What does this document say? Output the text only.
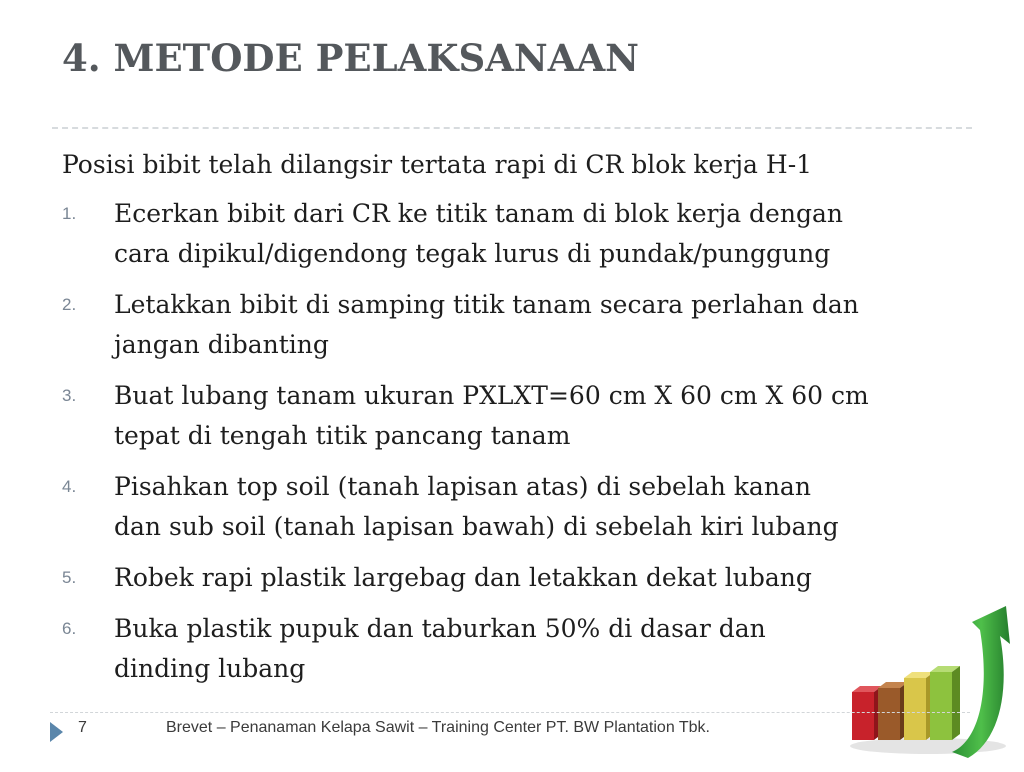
4. METODE PELAKSANAAN

Posisi bibit telah dilangsir tertata rapi di CR blok kerja H-1

1.	Ecerkan bibit dari CR ke titik tanam di blok kerja dengan
cara dipikul/digendong tegak lurus di pundak/punggung
2.	Letakkan bibit di samping titik tanam secara perlahan dan
jangan dibanting
3.	Buat lubang tanam ukuran PXLXT=60 cm X 60 cm X 60 cm
tepat di tengah titik pancang tanam
4.	Pisahkan top soil (tanah lapisan atas) di sebelah kanan
dan sub soil (tanah lapisan bawah) di sebelah kiri lubang
5.	Robek rapi plastik largebag dan letakkan dekat lubang
6.	Buka plastik pupuk dan taburkan 50% di dasar dan
dinding lubang
7	Brevet – Penanaman Kelapa Sawit – Training Center PT. BW Plantation Tbk.
